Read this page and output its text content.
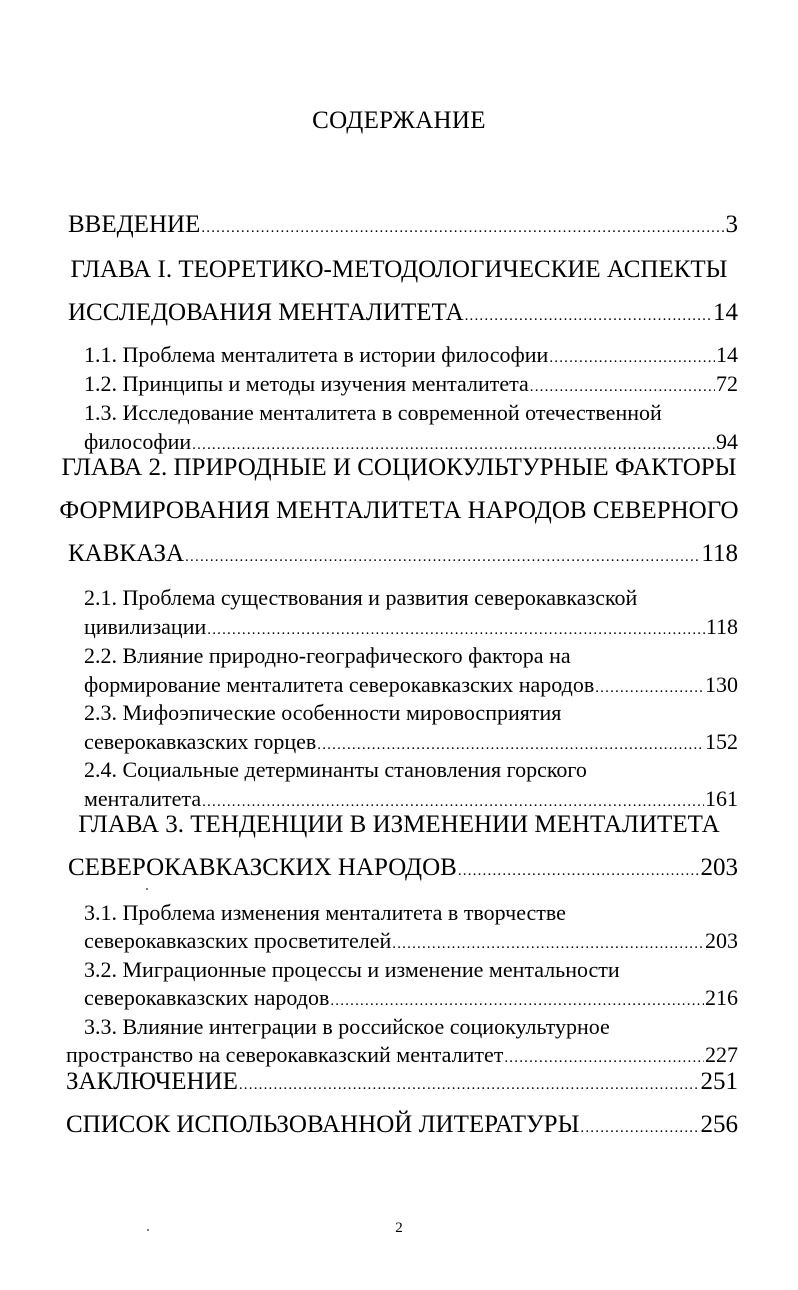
СОДЕРЖАНИЕ
ВВЕДЕНИЕ .....	3
ГЛАВА I. ТЕОРЕТИКО-МЕТОДОЛОГИЧЕСКИЕ АСПЕКТЫ
ИССЛЕДОВАНИЯ МЕНТАЛИТЕТА .....	14
1.1. Проблема менталитета в истории философии .....	14
1.2. Принципы и методы изучения менталитета .....	72
1.3. Исследование менталитета в современной отечественной
философии .....	94
ГЛАВА 2. ПРИРОДНЫЕ И СОЦИОКУЛЬТУРНЫЕ ФАКТОРЫ
ФОРМИРОВАНИЯ МЕНТАЛИТЕТА НАРОДОВ СЕВЕРНОГО
КАВКАЗА .....	118
2.1. Проблема существования и развития северокавказской
цивилизации .....	118
2.2. Влияние природно-географического фактора на
формирование менталитета северокавказских народов .....	130
2.3. Мифоэпические особенности мировосприятия
северокавказских горцев .....	152
2.4. Социальные детерминанты становления горского
менталитета .....	161
ГЛАВА 3. ТЕНДЕНЦИИ В ИЗМЕНЕНИИ МЕНТАЛИТЕТА
СЕВЕРОКАВКАЗСКИХ НАРОДОВ .....	203
3.1. Проблема изменения менталитета в творчестве
северокавказских просветителей .....	203
3.2. Миграционные процессы и изменение ментальности
северокавказских народов .....	216
3.3. Влияние интеграции в российское социокультурное
пространство на северокавказский менталитет .....	227
ЗАКЛЮЧЕНИЕ .....	251
СПИСОК ИСПОЛЬЗОВАННОЙ ЛИТЕРАТУРЫ .....	256
2
